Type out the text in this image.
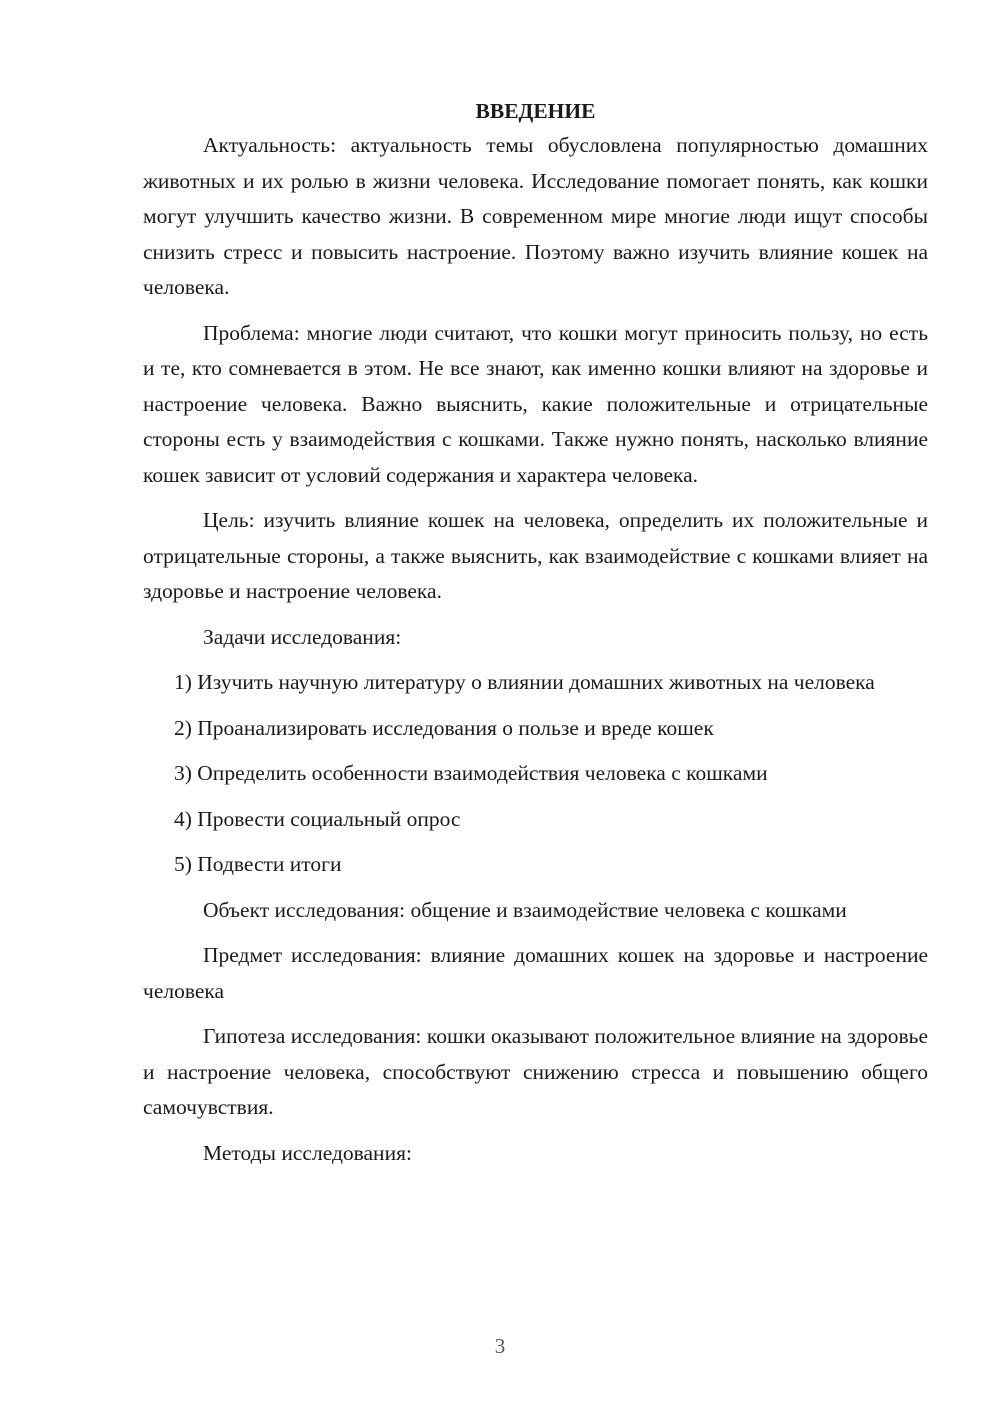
ВВЕДЕНИЕ

Актуальность: актуальность темы обусловлена популярностью домашних животных и их ролью в жизни человека. Исследование помогает понять, как кошки могут улучшить качество жизни. В современном мире многие люди ищут способы снизить стресс и повысить настроение. Поэтому важно изучить влияние кошек на человека.

Проблема: многие люди считают, что кошки могут приносить пользу, но есть и те, кто сомневается в этом. Не все знают, как именно кошки влияют на здоровье и настроение человека. Важно выяснить, какие положительные и отрицательные стороны есть у взаимодействия с кошками. Также нужно понять, насколько влияние кошек зависит от условий содержания и характера человека.

Цель: изучить влияние кошек на человека, определить их положительные и отрицательные стороны, а также выяснить, как взаимодействие с кошками влияет на здоровье и настроение человека.

Задачи исследования:

1) Изучить научную литературу о влиянии домашних животных на человека

2) Проанализировать исследования о пользе и вреде кошек

3) Определить особенности взаимодействия человека с кошками

4) Провести социальный опрос

5) Подвести итоги

Объект исследования: общение и взаимодействие человека с кошками

Предмет исследования: влияние домашних кошек на здоровье и настроение человека

Гипотеза исследования: кошки оказывают положительное влияние на здоровье и настроение человека, способствуют снижению стресса и повышению общего самочувствия.

Методы исследования:

3
